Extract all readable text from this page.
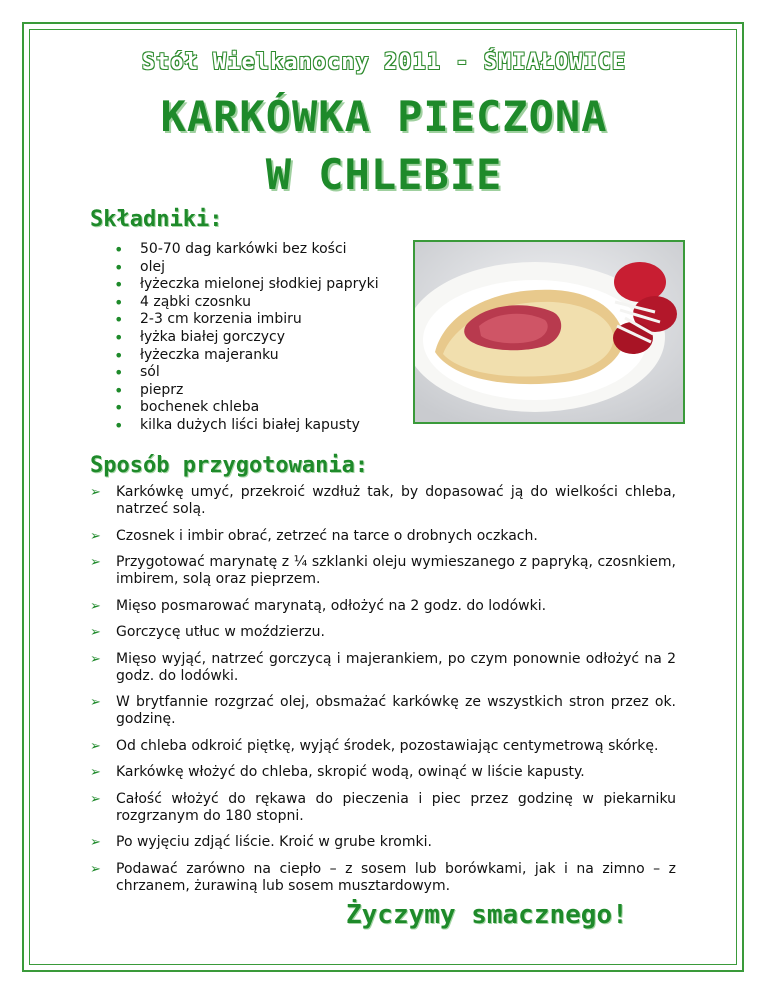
Stół Wielkanocny 2011 - ŚMIAŁOWICE
KARKÓWKA PIECZONA
W CHLEBIE
Składniki:
• 50-70 dag karkówki bez kości
• olej
• łyżeczka mielonej słodkiej papryki
• 4 ząbki czosnku
• 2-3 cm korzenia imbiru
• łyżka białej gorczycy
• łyżeczka majeranku
• sól
• pieprz
• bochenek chleba
• kilka dużych liści białej kapusty
Sposób przygotowania:
➢ Karkówkę umyć, przekroić wzdłuż tak, by dopasować ją do wielkości chleba, natrzeć solą.
➢ Czosnek i imbir obrać, zetrzeć na tarce o drobnych oczkach.
➢ Przygotować marynatę z ¼ szklanki oleju wymieszanego z papryką, czosnkiem, imbirem, solą oraz pieprzem.
➢ Mięso posmarować marynatą, odłożyć na 2 godz. do lodówki.
➢ Gorczycę utłuc w moździerzu.
➢ Mięso wyjąć, natrzeć gorczycą i majerankiem, po czym ponownie odłożyć na 2 godz. do lodówki.
➢ W brytfannie rozgrzać olej, obsmażać karkówkę ze wszystkich stron przez ok. godzinę.
➢ Od chleba odkroić piętkę, wyjąć środek, pozostawiając centymetrową skórkę.
➢ Karkówkę włożyć do chleba, skropić wodą, owinąć w liście kapusty.
➢ Całość włożyć do rękawa do pieczenia i piec przez godzinę w piekarniku rozgrzanym do 180 stopni.
➢ Po wyjęciu zdjąć liście. Kroić w grube kromki.
➢ Podawać zarówno na ciepło – z sosem lub borówkami, jak i na zimno – z chrzanem, żurawiną lub sosem musztardowym.
Życzymy smacznego!
